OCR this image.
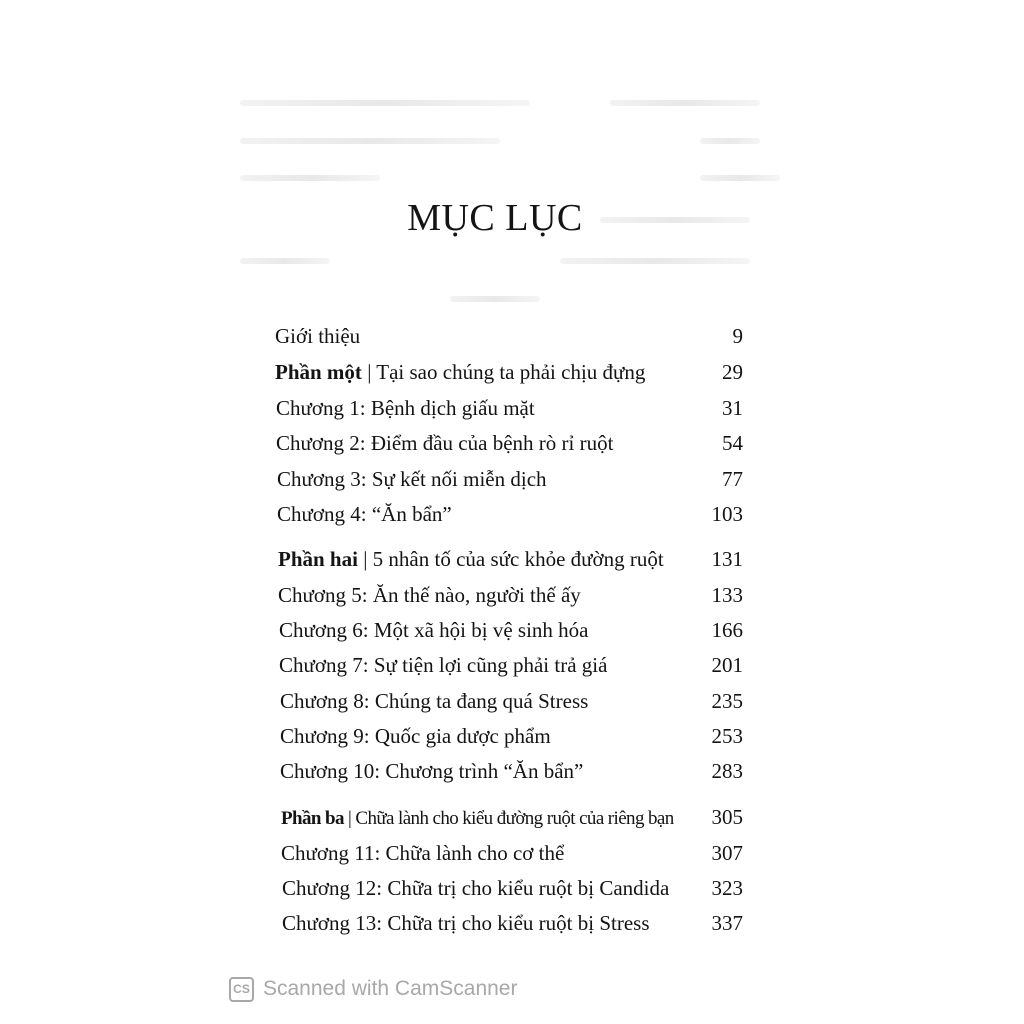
MỤC LỤC
Giới thiệu	9
Phần một | Tại sao chúng ta phải chịu đựng	29
Chương 1: Bệnh dịch giấu mặt	31
Chương 2: Điểm đầu của bệnh rò rỉ ruột	54
Chương 3: Sự kết nối miễn dịch	77
Chương 4: “Ăn bẩn”	103
Phần hai | 5 nhân tố của sức khỏe đường ruột	131
Chương 5: Ăn thế nào, người thế ấy	133
Chương 6: Một xã hội bị vệ sinh hóa	166
Chương 7: Sự tiện lợi cũng phải trả giá	201
Chương 8: Chúng ta đang quá Stress	235
Chương 9: Quốc gia dược phẩm	253
Chương 10: Chương trình “Ăn bẩn”	283
Phần ba | Chữa lành cho kiểu đường ruột của riêng bạn	305
Chương 11: Chữa lành cho cơ thể	307
Chương 12: Chữa trị cho kiểu ruột bị Candida	323
Chương 13: Chữa trị cho kiểu ruột bị Stress	337
CS Scanned with CamScanner
